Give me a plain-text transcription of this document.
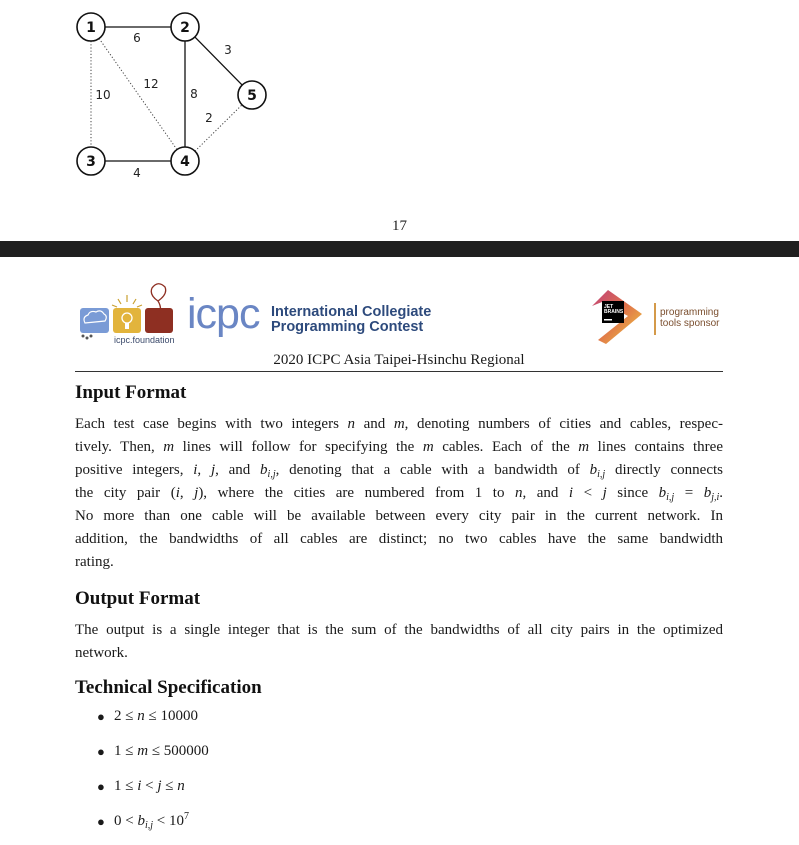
6
3
10
12
8
2
4
1	2
3	4
5
17
icpc.foundation
icpc International Collegiate
Programming Contest
JET
BRAINS	programming
tools sponsor
2020 ICPC Asia Taipei-Hsinchu Regional
Input Format
Each test case begins with two integers n and m, denoting numbers of cities and cables, respec-
tively. Then, m lines will follow for specifying the m cables. Each of the m lines contains three
positive integers, i, j, and $b_{i,j}$, denoting that a cable with a bandwidth of $b_{i,j}$ directly connects
the city pair (i, j), where the cities are numbered from 1 to n, and i < j since $b_{i,j} = b_{j,i}$.
No more than one cable will be available between every city pair in the current network. In
addition, the bandwidths of all cables are distinct; no two cables have the same bandwidth
rating.
Output Format
The output is a single integer that is the sum of the bandwidths of all city pairs in the optimized
network.
Technical Specification
● 2 ≤ n ≤ 10000
● 1 ≤ m ≤ 500000
● 1 ≤ i < j ≤ n
● $0 < b_{i,j} < 10^7$
